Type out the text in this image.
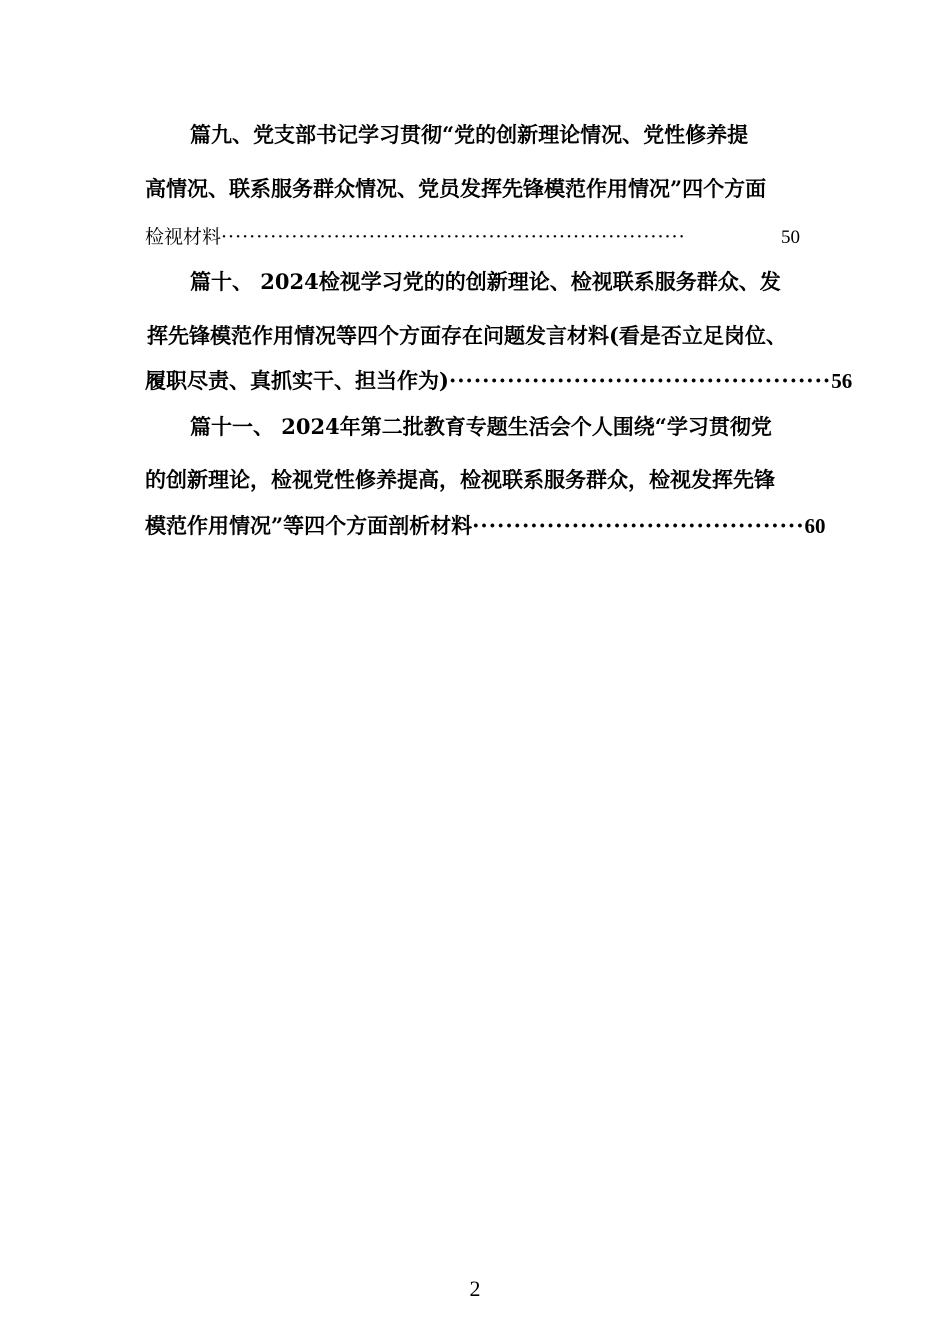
篇九、党支部书记学习贯彻“党的创新理论情况、党性修养提
高情况、联系服务群众情况、党员发挥先锋模范作用情况”四个方面
检视材料 ··································································	50
篇十、 2024检视学习党的的创新理论、检视联系服务群众、发
挥先锋模范作用情况等四个方面存在问题发言材料(看是否立足岗位、
履职尽责、真抓实干、担当作为) ·············································· 56
篇十一、 2024年第二批教育专题生活会个人围绕“学习贯彻党
的创新理论，检视党性修养提高，检视联系服务群众，检视发挥先锋
模范作用情况”等四个方面剖析材料 ········································ 60
2
